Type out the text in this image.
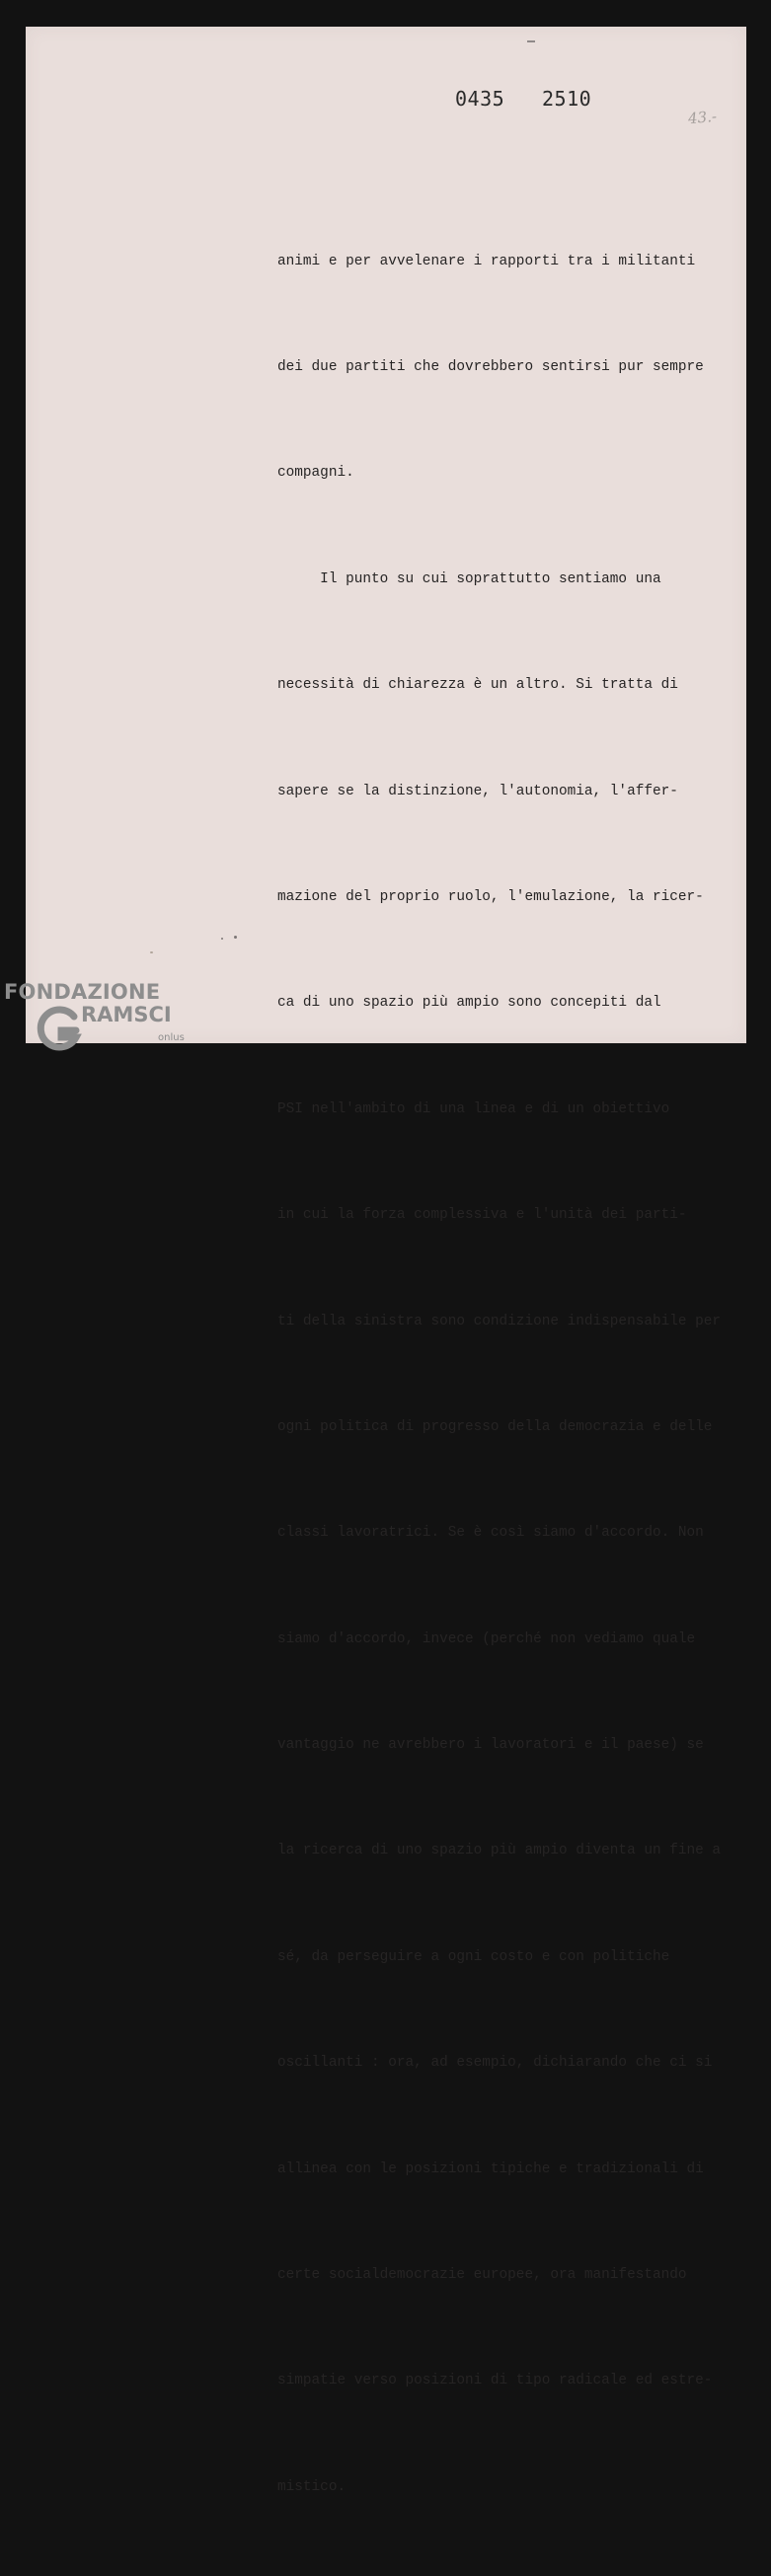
0435 2510
43.-

animi e per avvelenare i rapporti tra i militanti

dei due partiti che dovrebbero sentirsi pur sempre

compagni.

Il punto su cui soprattutto sentiamo una

necessità di chiarezza è un altro. Si tratta di

sapere se la distinzione, l'autonomia, l'affer-

mazione del proprio ruolo, l'emulazione, la ricer-

ca di uno spazio più ampio sono concepiti dal

PSI nell'ambito di una linea e di un obiettivo

in cui la forza complessiva e l'unità dei parti-

ti della sinistra sono condizione indispensabile per

ogni politica di progresso della democrazia e delle

classi lavoratrici. Se è così siamo d'accordo. Non

siamo d'accordo, invece (perché non vediamo quale

vantaggio ne avrebbero i lavoratori e il paese) se

la ricerca di uno spazio più ampio diventa un fine a

sé, da perseguire a ogni costo e con politiche

oscillanti : ora, ad esempio, dichiarando che ci si

allinea con le posizioni tipiche e tradizionali di

certe socialdemocrazie europee, ora manifestando

simpatie verso posizioni di tipo radicale ed estre-

mistico.

FONDAZIONE
RAMSCI
onlus
